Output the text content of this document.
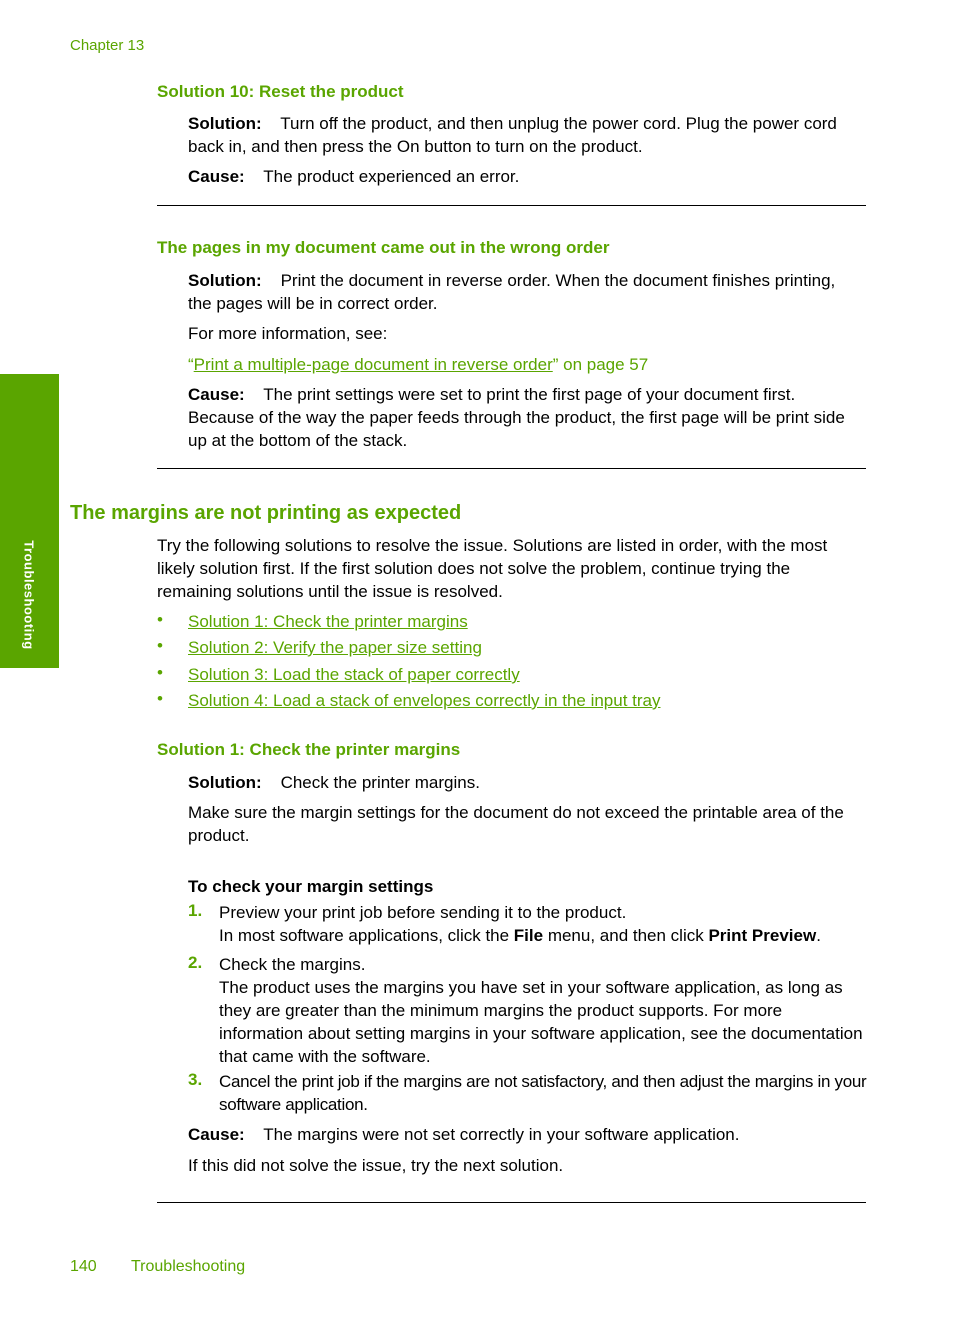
Chapter 13
Troubleshooting
Solution 10: Reset the product
Solution: Turn off the product, and then unplug the power cord. Plug the power cord back in, and then press the On button to turn on the product.
Cause: The product experienced an error.
The pages in my document came out in the wrong order
Solution: Print the document in reverse order. When the document finishes printing, the pages will be in correct order.
For more information, see:
“Print a multiple-page document in reverse order” on page 57
Cause: The print settings were set to print the first page of your document first. Because of the way the paper feeds through the product, the first page will be print side up at the bottom of the stack.
The margins are not printing as expected
Try the following solutions to resolve the issue. Solutions are listed in order, with the most likely solution first. If the first solution does not solve the problem, continue trying the remaining solutions until the issue is resolved.
• Solution 1: Check the printer margins
• Solution 2: Verify the paper size setting
• Solution 3: Load the stack of paper correctly
• Solution 4: Load a stack of envelopes correctly in the input tray
Solution 1: Check the printer margins
Solution: Check the printer margins.
Make sure the margin settings for the document do not exceed the printable area of the product.
To check your margin settings
1. Preview your print job before sending it to the product.
In most software applications, click the File menu, and then click Print Preview.
2. Check the margins.
The product uses the margins you have set in your software application, as long as they are greater than the minimum margins the product supports. For more information about setting margins in your software application, see the documentation that came with the software.
3. Cancel the print job if the margins are not satisfactory, and then adjust the margins in your software application.
Cause: The margins were not set correctly in your software application.
If this did not solve the issue, try the next solution.
140 Troubleshooting
